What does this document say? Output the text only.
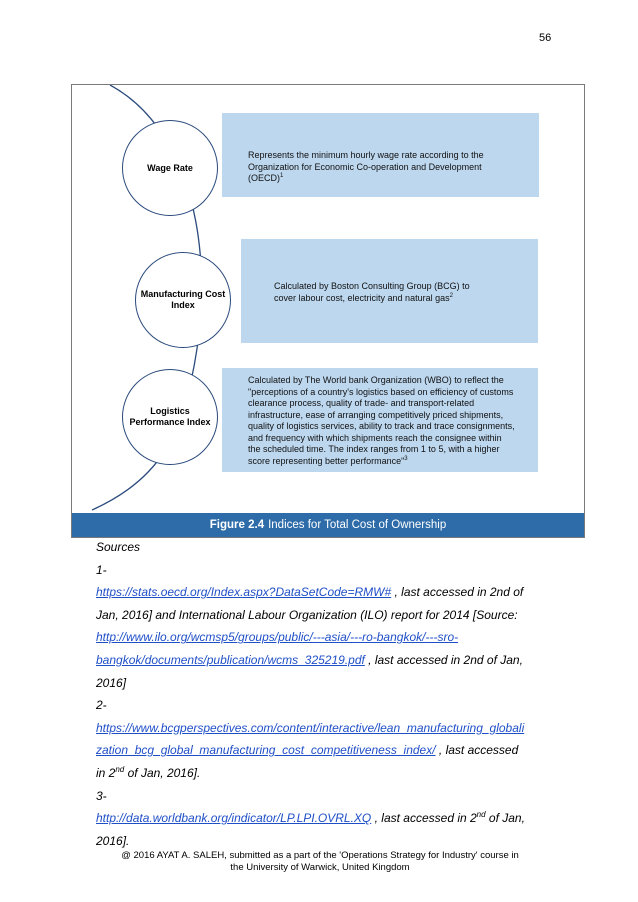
56
Represents the minimum hourly wage rate according to the
Organization for Economic Co-operation and Development
(OECD)$^1$
Calculated by Boston Consulting Group (BCG) to
cover labour cost, electricity and natural gas$^2$
Calculated by The World bank Organization (WBO) to reflect the
"perceptions of a country's logistics based on efficiency of customs
clearance process, quality of trade- and transport-related
infrastructure, ease of arranging competitively priced shipments,
quality of logistics services, ability to track and trace consignments,
and frequency with which shipments reach the consignee within
the scheduled time. The index ranges from 1 to 5, with a higher
score representing better performance"$^3$
Wage Rate
Manufacturing Cost
Index
Logistics
Performance Index
Figure 2.4 Indices for Total Cost of Ownership
Sources
1-
https://stats.oecd.org/Index.aspx?DataSetCode=RMW# , last accessed in 2nd of
Jan, 2016] and International Labour Organization (ILO) report for 2014 [Source:
http://www.ilo.org/wcmsp5/groups/public/---asia/---ro-bangkok/---sro-
bangkok/documents/publication/wcms_325219.pdf , last accessed in 2nd of Jan,
2016]
2-
https://www.bcgperspectives.com/content/interactive/lean_manufacturing_globali
zation_bcg_global_manufacturing_cost_competitiveness_index/ , last accessed
in 2nd of Jan, 2016].
3-
http://data.worldbank.org/indicator/LP.LPI.OVRL.XQ , last accessed in 2nd of Jan,
2016].
@ 2016 AYAT A. SALEH, submitted as a part of the 'Operations Strategy for Industry' course in
the University of Warwick, United Kingdom
